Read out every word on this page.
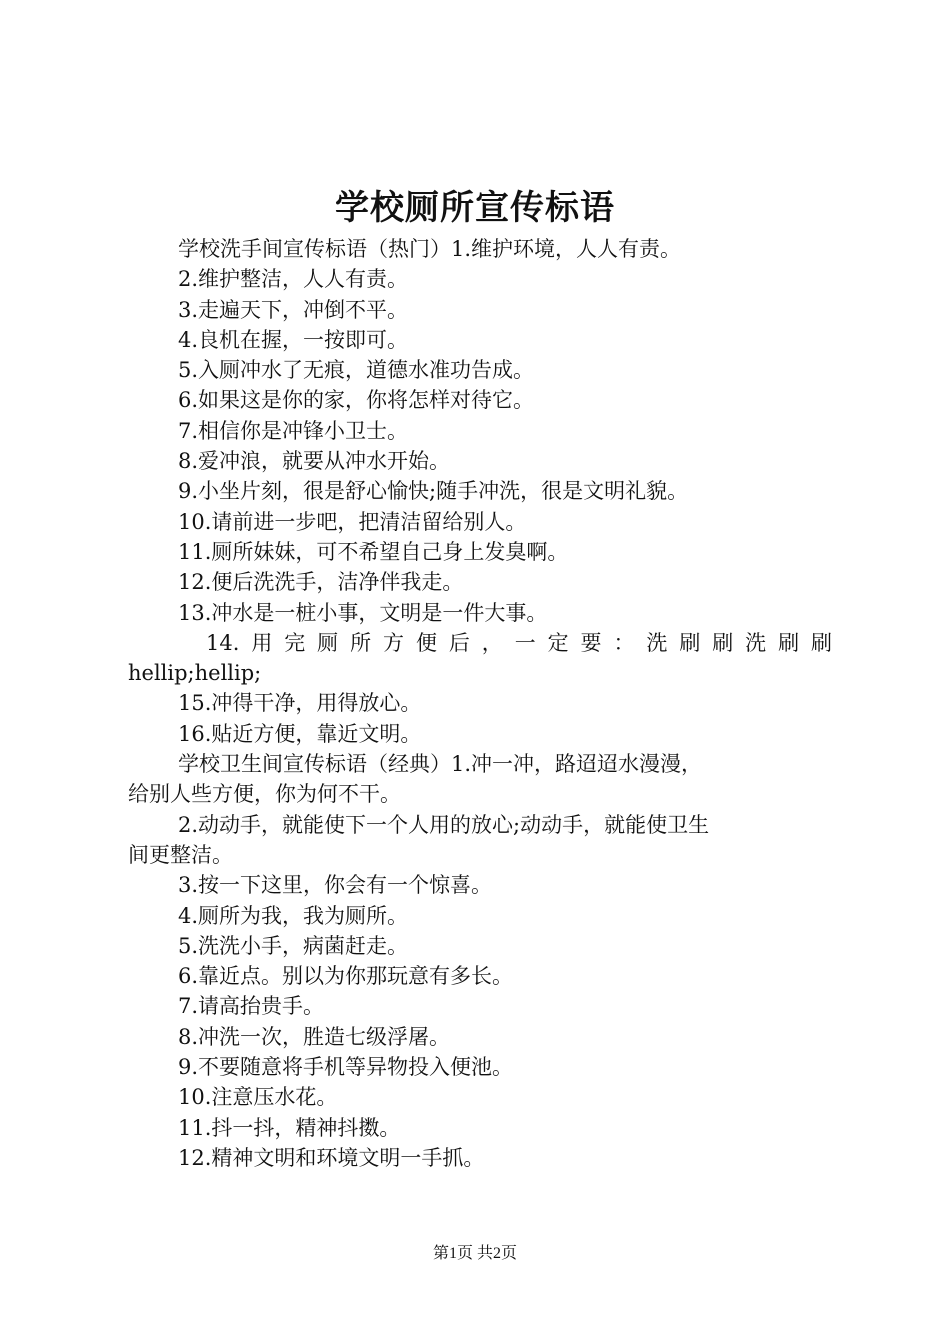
学校厕所宣传标语
学校洗手间宣传标语（热门）1.维护环境，人人有责。
2.维护整洁，人人有责。
3.走遍天下，冲倒不平。
4.良机在握，一按即可。
5.入厕冲水了无痕，道德水准功告成。
6.如果这是你的家，你将怎样对待它。
7.相信你是冲锋小卫士。
8.爱冲浪，就要从冲水开始。
9.小坐片刻，很是舒心愉快;随手冲洗，很是文明礼貌。
10.请前进一步吧，把清洁留给别人。
11.厕所妹妹，可不希望自己身上发臭啊。
12.便后洗洗手，洁净伴我走。
13.冲水是一桩小事，文明是一件大事。
14. 用 完 厕 所 方 便 后 ， 一 定 要 ： 洗 刷 刷 洗 刷 刷
hellip;hellip;
15.冲得干净，用得放心。
16.贴近方便，靠近文明。
学校卫生间宣传标语（经典）1.冲一冲，路迢迢水漫漫，
给别人些方便，你为何不干。
2.动动手，就能使下一个人用的放心;动动手，就能使卫生
间更整洁。
3.按一下这里，你会有一个惊喜。
4.厕所为我，我为厕所。
5.洗洗小手，病菌赶走。
6.靠近点。别以为你那玩意有多长。
7.请高抬贵手。
8.冲洗一次，胜造七级浮屠。
9.不要随意将手机等异物投入便池。
10.注意压水花。
11.抖一抖，精神抖擞。
12.精神文明和环境文明一手抓。
第1页 共2页
